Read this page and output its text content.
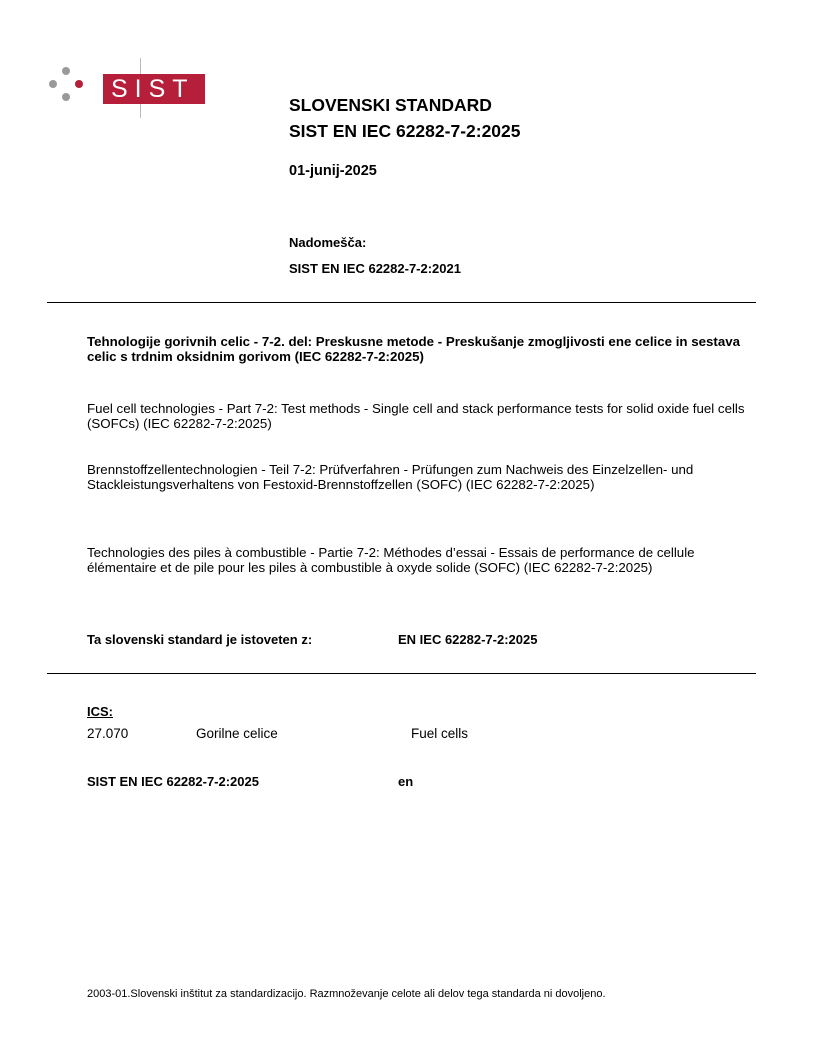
SIST
SLOVENSKI STANDARD
SIST EN IEC 62282-7-2:2025
01-junij-2025
Nadomešča:
SIST EN IEC 62282-7-2:2021
Tehnologije gorivnih celic - 7-2. del: Preskusne metode - Preskušanje zmogljivosti ene celice in sestava celic s trdnim oksidnim gorivom (IEC 62282-7-2:2025)
Fuel cell technologies - Part 7-2: Test methods - Single cell and stack performance tests for solid oxide fuel cells (SOFCs) (IEC 62282-7-2:2025)
Brennstoffzellentechnologien - Teil 7-2: Prüfverfahren - Prüfungen zum Nachweis des Einzelzellen- und Stackleistungsverhaltens von Festoxid-Brennstoffzellen (SOFC) (IEC 62282-7-2:2025)
Technologies des piles à combustible - Partie 7-2: Méthodes d’essai - Essais de performance de cellule élémentaire et de pile pour les piles à combustible à oxyde solide (SOFC) (IEC 62282-7-2:2025)
Ta slovenski standard je istoveten z:	EN IEC 62282-7-2:2025
ICS:
27.070	Gorilne celice	Fuel cells
SIST EN IEC 62282-7-2:2025	en
2003-01.Slovenski inštitut za standardizacijo. Razmnoževanje celote ali delov tega standarda ni dovoljeno.
